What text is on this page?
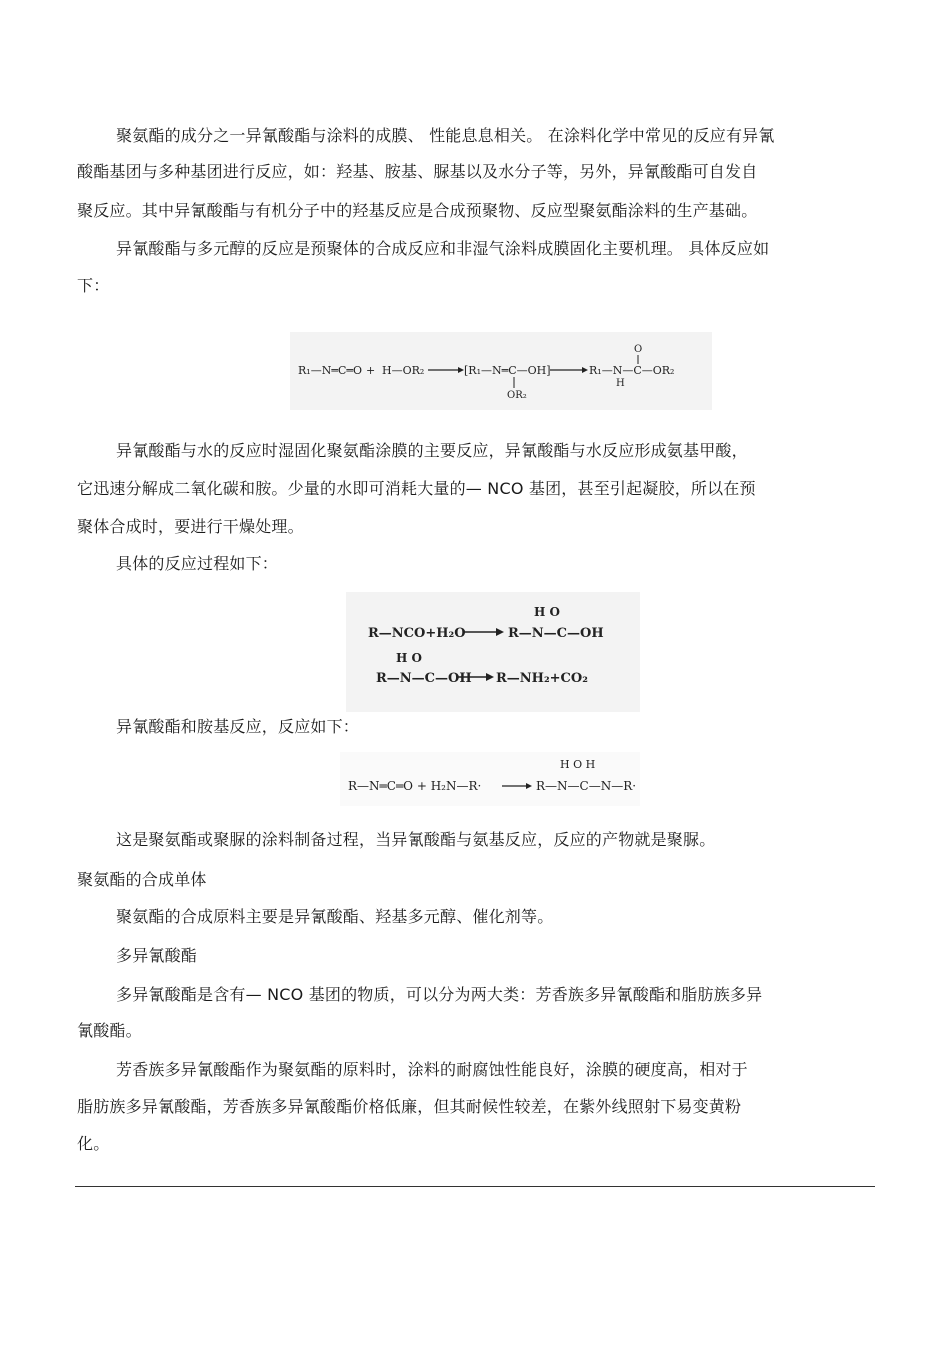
聚氨酯的成分之一异氰酸酯与涂料的成膜、 性能息息相关。 在涂料化学中常见的反应有异氰
酸酯基团与多种基团进行反应，如：羟基、胺基、脲基以及水分子等，另外，异氰酸酯可自发自
聚反应。其中异氰酸酯与有机分子中的羟基反应是合成预聚物、反应型聚氨酯涂料的生产基础。
异氰酸酯与多元醇的反应是预聚体的合成反应和非湿气涂料成膜固化主要机理。 具体反应如
下：
R₁—N═C═O + H—OR₂	[R₁—N═C—OH]
OR₂
R₁—N—C—OR₂
O
H
异氰酸酯与水的反应时湿固化聚氨酯涂膜的主要反应，异氰酸酯与水反应形成氨基甲酸，
它迅速分解成二氧化碳和胺。少量的水即可消耗大量的— NCO 基团，甚至引起凝胶，所以在预
聚体合成时，要进行干燥处理。
具体的反应过程如下：
R—NCO+H₂O
H O
R—N—C—OH
H O
R—N—C—OH R—NH₂+CO₂
异氰酸酯和胺基反应，反应如下：
R—N═C═O + H₂N—R·
H O H
R—N—C—N—R·
这是聚氨酯或聚脲的涂料制备过程，当异氰酸酯与氨基反应，反应的产物就是聚脲。
聚氨酯的合成单体
聚氨酯的合成原料主要是异氰酸酯、羟基多元醇、催化剂等。
多异氰酸酯
多异氰酸酯是含有— NCO 基团的物质，可以分为两大类：芳香族多异氰酸酯和脂肪族多异
氰酸酯。
芳香族多异氰酸酯作为聚氨酯的原料时，涂料的耐腐蚀性能良好，涂膜的硬度高，相对于
脂肪族多异氰酸酯，芳香族多异氰酸酯价格低廉，但其耐候性较差，在紫外线照射下易变黄粉
化。
